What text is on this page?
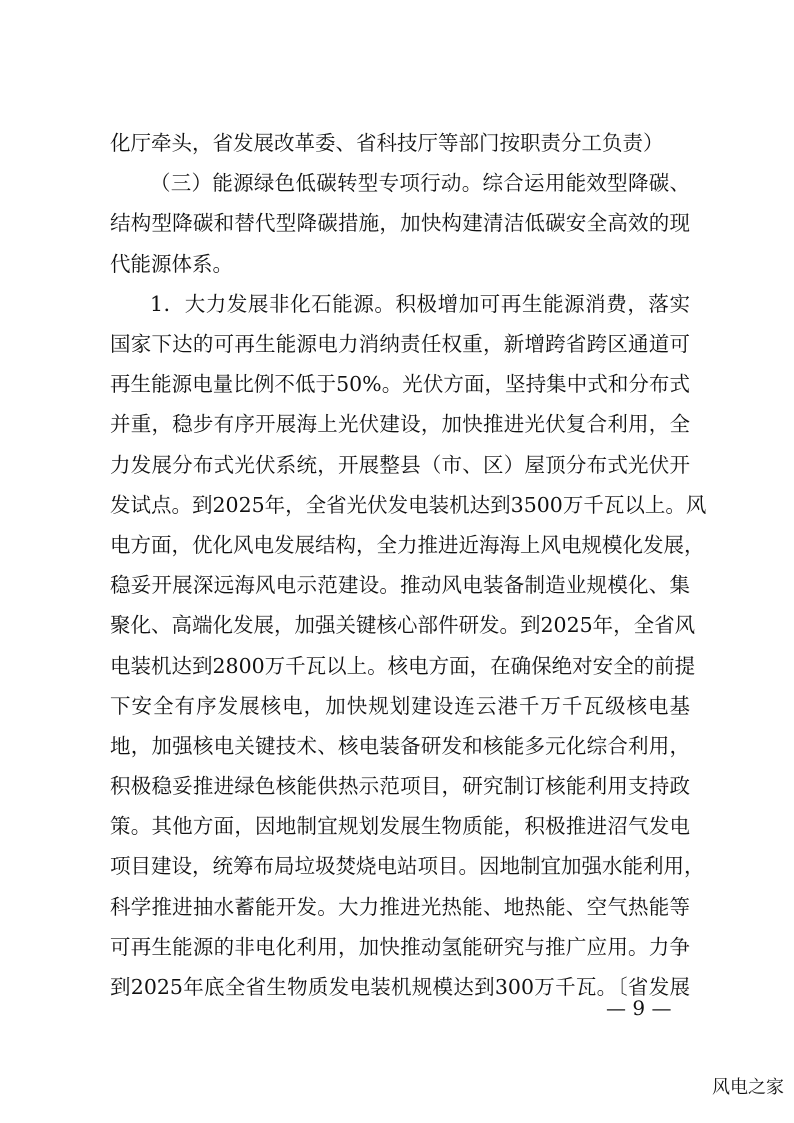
化厅牵头，省发展改革委、省科技厅等部门按职责分工负责）
（三）能源绿色低碳转型专项行动。综合运用能效型降碳、
结构型降碳和替代型降碳措施，加快构建清洁低碳安全高效的现
代能源体系。
1．大力发展非化石能源。积极增加可再生能源消费，落实
国家下达的可再生能源电力消纳责任权重，新增跨省跨区通道可
再生能源电量比例不低于50%。光伏方面，坚持集中式和分布式
并重，稳步有序开展海上光伏建设，加快推进光伏复合利用，全
力发展分布式光伏系统，开展整县（市、区）屋顶分布式光伏开
发试点。到2025年，全省光伏发电装机达到3500万千瓦以上。风
电方面，优化风电发展结构，全力推进近海海上风电规模化发展，
稳妥开展深远海风电示范建设。推动风电装备制造业规模化、集
聚化、高端化发展，加强关键核心部件研发。到2025年，全省风
电装机达到2800万千瓦以上。核电方面，在确保绝对安全的前提
下安全有序发展核电，加快规划建设连云港千万千瓦级核电基
地，加强核电关键技术、核电装备研发和核能多元化综合利用，
积极稳妥推进绿色核能供热示范项目，研究制订核能利用支持政
策。其他方面，因地制宜规划发展生物质能，积极推进沼气发电
项目建设，统筹布局垃圾焚烧电站项目。因地制宜加强水能利用，
科学推进抽水蓄能开发。大力推进光热能、地热能、空气热能等
可再生能源的非电化利用，加快推动氢能研究与推广应用。力争
到2025年底全省生物质发电装机规模达到300万千瓦。〔省发展
— 9 —
风电之家
